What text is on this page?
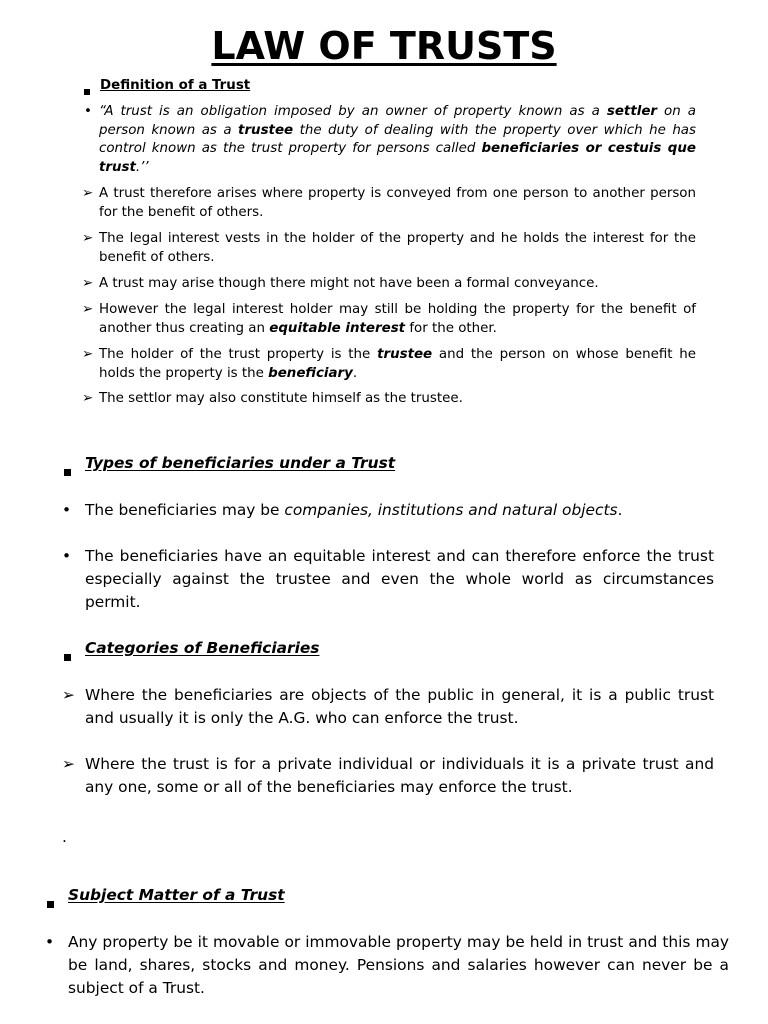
LAW OF TRUSTS
Definition of a Trust
• “A trust is an obligation imposed by an owner of property known as a settler on a person known as a trustee the duty of dealing with the property over which he has control known as the trust property for persons called beneficiaries or cestuis que trust.’’
➢ A trust therefore arises where property is conveyed from one person to another person for the benefit of others.
➢ The legal interest vests in the holder of the property and he holds the interest for the benefit of others.
➢ A trust may arise though there might not have been a formal conveyance.
➢ However the legal interest holder may still be holding the property for the benefit of another thus creating an equitable interest for the other.
➢ The holder of the trust property is the trustee and the person on whose benefit he holds the property is the beneficiary.
➢ The settlor may also constitute himself as the trustee.
Types of beneficiaries under a Trust
• The beneficiaries may be companies, institutions and natural objects.
• The beneficiaries have an equitable interest and can therefore enforce the trust especially against the trustee and even the whole world as circumstances permit.
Categories of Beneficiaries
➢ Where the beneficiaries are objects of the public in general, it is a public trust and usually it is only the A.G. who can enforce the trust.
➢ Where the trust is for a private individual or individuals it is a private trust and any one, some or all of the beneficiaries may enforce the trust.
.
Subject Matter of a Trust
• Any property be it movable or immovable property may be held in trust and this may be land, shares, stocks and money. Pensions and salaries however can never be a subject of a Trust.
